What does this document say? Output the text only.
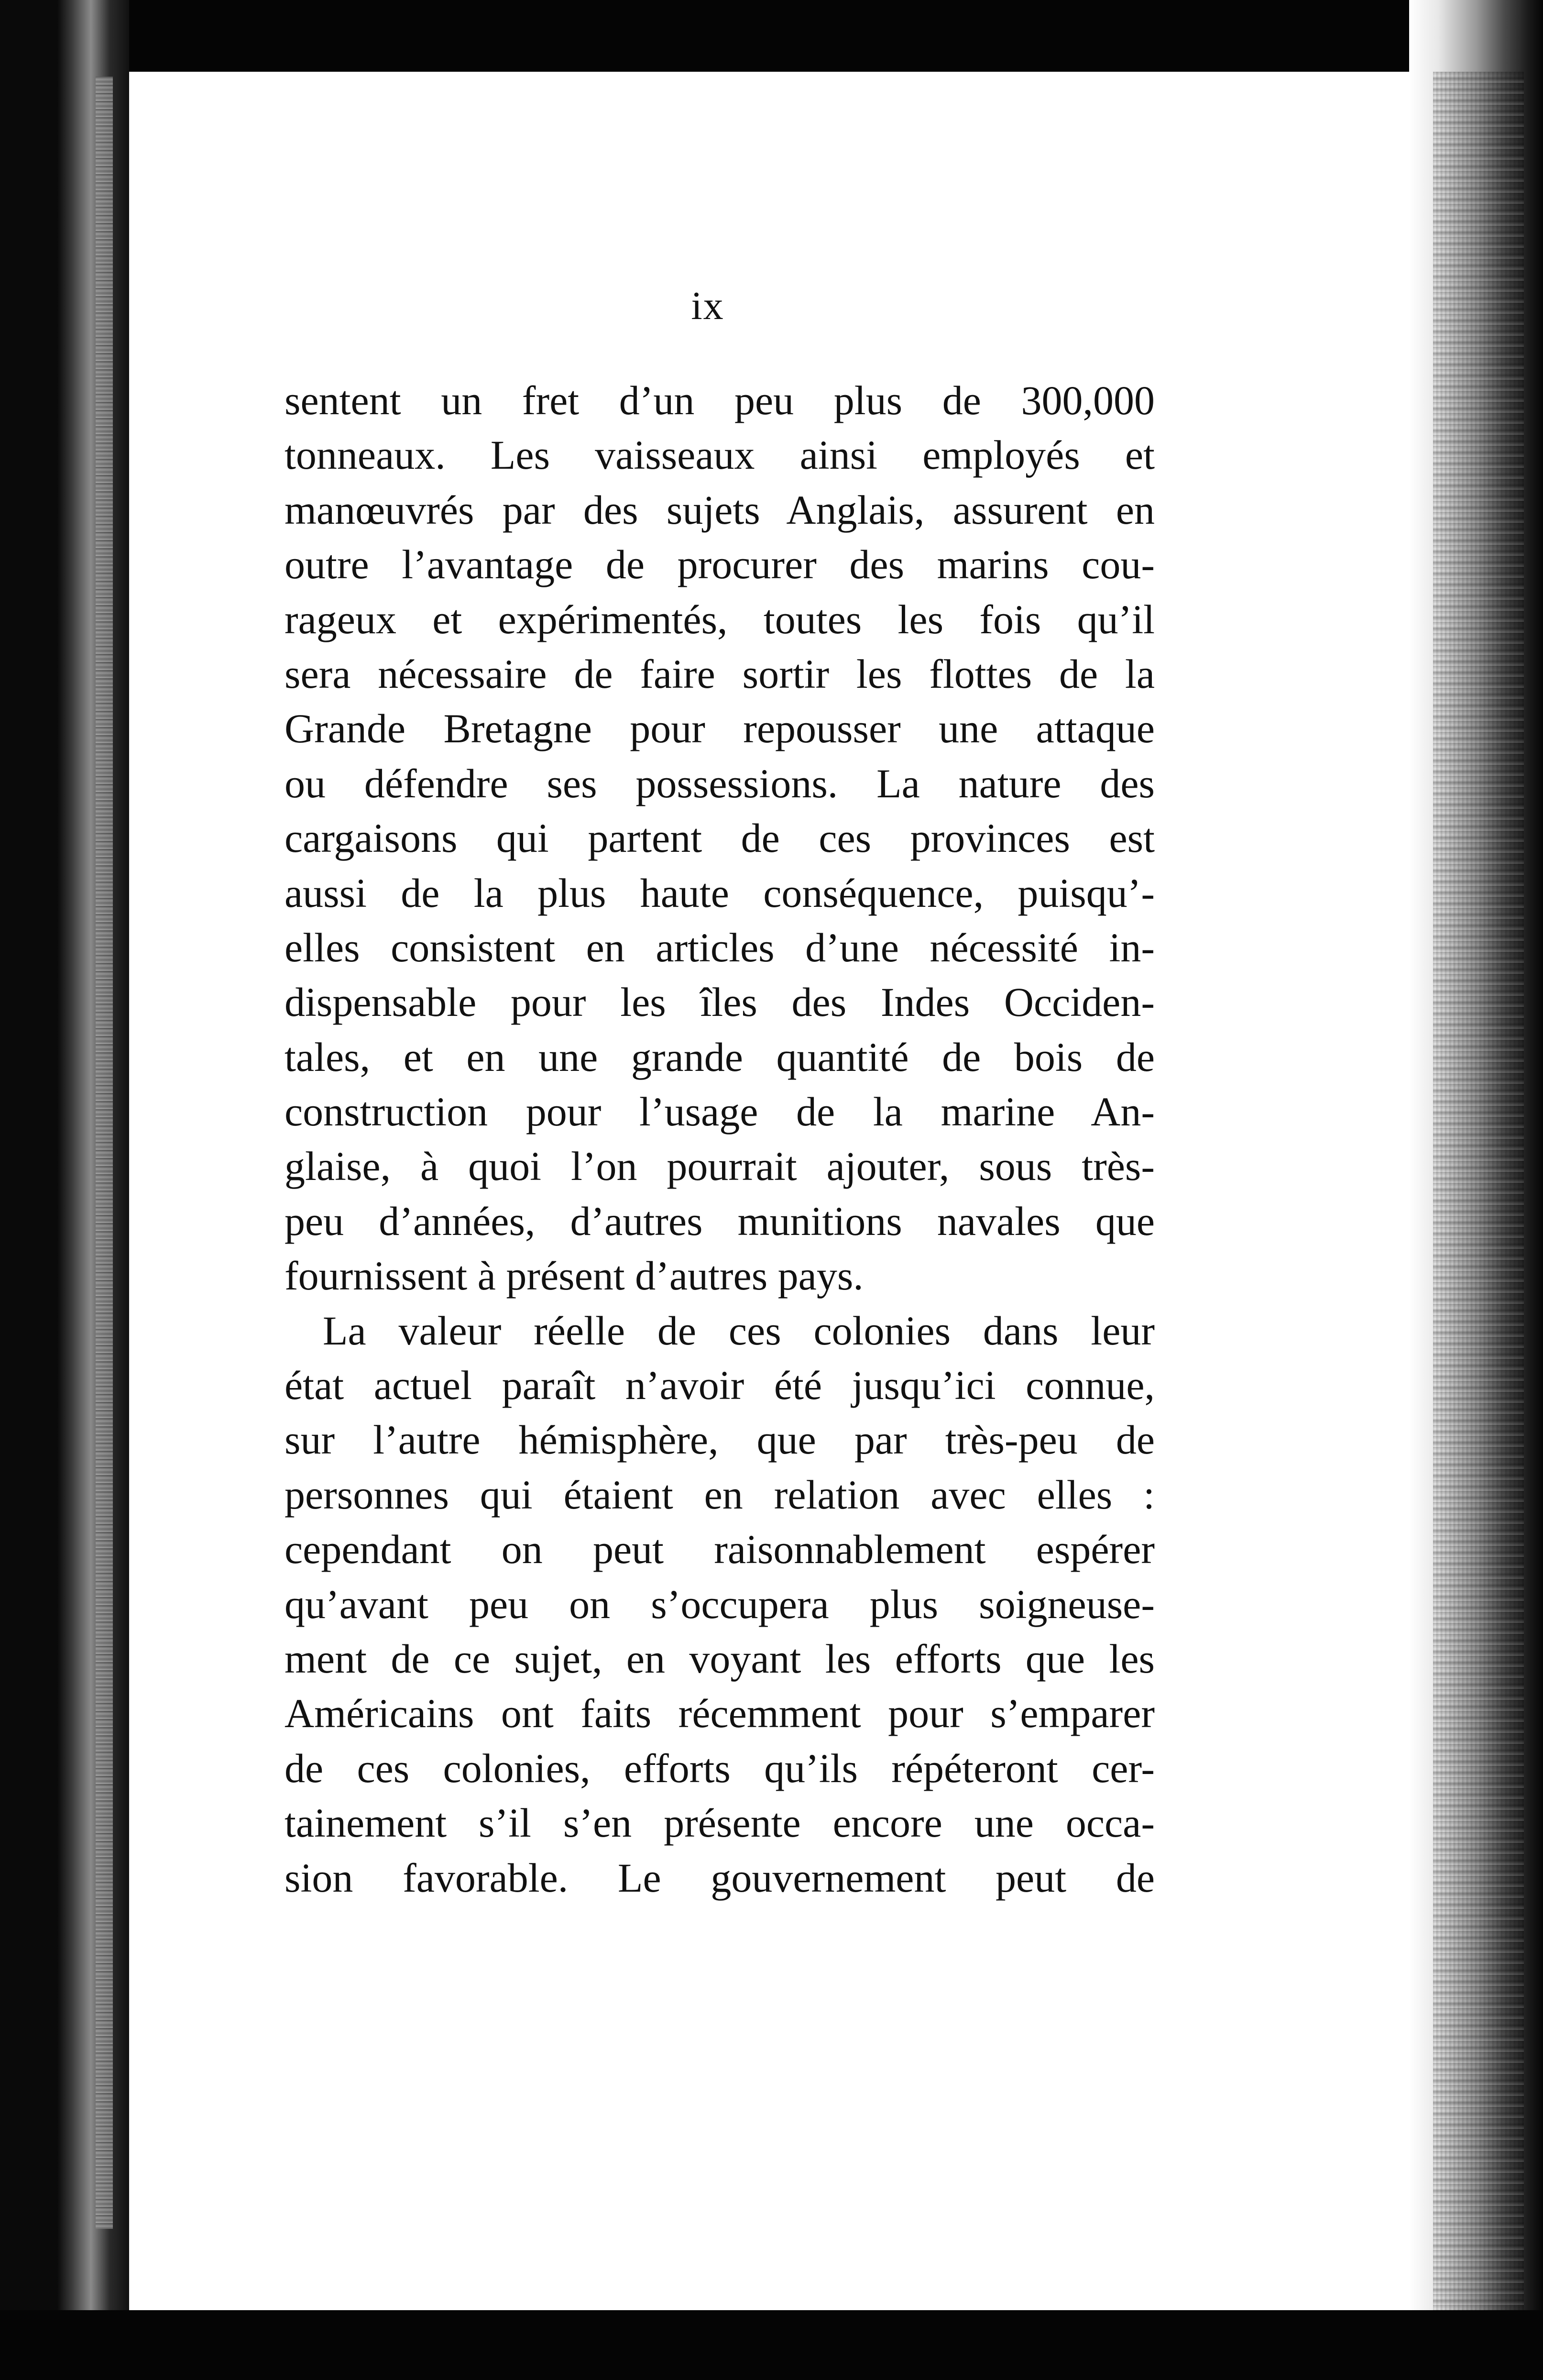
ix
sentent un fret d’un peu plus de 300,000
tonneaux. Les vaisseaux ainsi employés et
manœuvrés par des sujets Anglais, assurent en
outre l’avantage de procurer des marins cou-
rageux et expérimentés, toutes les fois qu’il
sera nécessaire de faire sortir les flottes de la
Grande Bretagne pour repousser une attaque
ou défendre ses possessions. La nature des
cargaisons qui partent de ces provinces est
aussi de la plus haute conséquence, puisqu’-
elles consistent en articles d’une nécessité in-
dispensable pour les îles des Indes Occiden-
tales, et en une grande quantité de bois de
construction pour l’usage de la marine An-
glaise, à quoi l’on pourrait ajouter, sous très-
peu d’années, d’autres munitions navales que
fournissent à présent d’autres pays.
La valeur réelle de ces colonies dans leur
état actuel paraît n’avoir été jusqu’ici connue,
sur l’autre hémisphère, que par très-peu de
personnes qui étaient en relation avec elles :
cependant on peut raisonnablement espérer
qu’avant peu on s’occupera plus soigneuse-
ment de ce sujet, en voyant les efforts que les
Américains ont faits récemment pour s’emparer
de ces colonies, efforts qu’ils répéteront cer-
tainement s’il s’en présente encore une occa-
sion favorable. Le gouvernement peut de
